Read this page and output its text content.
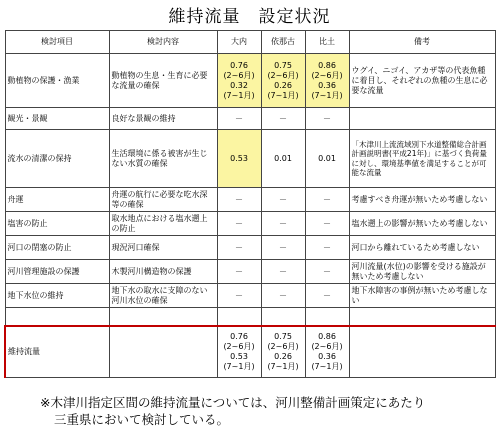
維持流量　設定状況
検討項目	検討内容	大内	依那古	比土	備考
動植物の保護・漁業	動植物の生息・生育に必要な流量の確保	0.76
(2~6月)
0.32
(7~1月)	0.75
(2~6月)
0.26
(7~1月)	0.86
(2~6月)
0.36
(7~1月)	ウグイ、ニゴイ、アカザ等の代表魚種に着目し、それぞれの魚種の生息に必要な流量
観光・景観	良好な景観の維持	－	－	－	
流水の清潔の保持	生活環境に係る被害が生じない水質の確保	0.53	0.01	0.01	「木津川上流流域別下水道整備総合計画 計画説明書(平成21年)」に基づく負荷量に対し、環境基準値を満足することが可能な流量
舟運	舟運の航行に必要な吃水深等の確保	－	－	－	考慮すべき舟運が無いため考慮しない
塩害の防止	取水地点における塩水遡上の防止	－	－	－	塩水遡上の影響が無いため考慮しない
河口の閉塞の防止	現況河口確保	－	－	－	河口から離れているため考慮しない
河川管理施設の保護	木製河川構造物の保護	－	－	－	河川流量(水位)の影響を受ける施設が無いため考慮しない
地下水位の維持	地下水の取水に支障のない河川水位の確保	－	－	－	地下水障害の事例が無いため考慮しない

維持流量		0.76
(2~6月)
0.53
(7~1月)	0.75
(2~6月)
0.26
(7~1月)	0.86
(2~6月)
0.36
(7~1月)	
※木津川指定区間の維持流量については、河川整備計画策定にあたり
三重県において検討している。
